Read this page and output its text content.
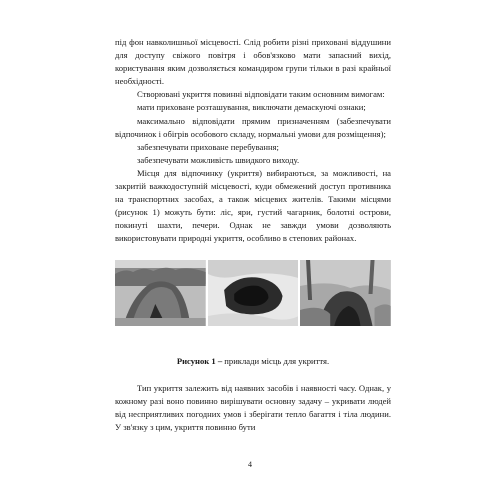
під фон навколишньої місцевості. Слід робити різні приховані віддушини для доступу свіжого повітря і обов'язково мати запасний вихід, користування яким дозволяється командиром групи тільки в разі крайньої необхідності.

Створювані укриття повинні відповідати таким основним вимогам:

мати приховане розташування, виключати демаскуючі ознаки;

максимально відповідати прямим призначенням (забезпечувати відпочинок і обігрів особового складу, нормальні умови для розміщення);

забезпечувати приховане перебування;

забезпечувати можливість швидкого виходу.

Місця для відпочинку (укриття) вибираються, за можливості, на закритій важкодоступній місцевості, куди обмежений доступ противника на транспортних засобах, а також місцевих жителів. Такими місцями (рисунок 1) можуть бути: ліс, яри, густий чагарник, болотні острови, покинуті шахти, печери. Однак не завжди умови дозволяють використовувати природні укриття, особливо в степових районах.

Рисунок 1 – приклади місць для укриття.

Тип укриття залежить від наявних засобів і наявності часу. Однак, у кожному разі воно повинно вирішувати основну задачу – укривати людей від несприятливих погодних умов і зберігати тепло багаття і тіла людини. У зв'язку з цим, укриття повинно бути

4
